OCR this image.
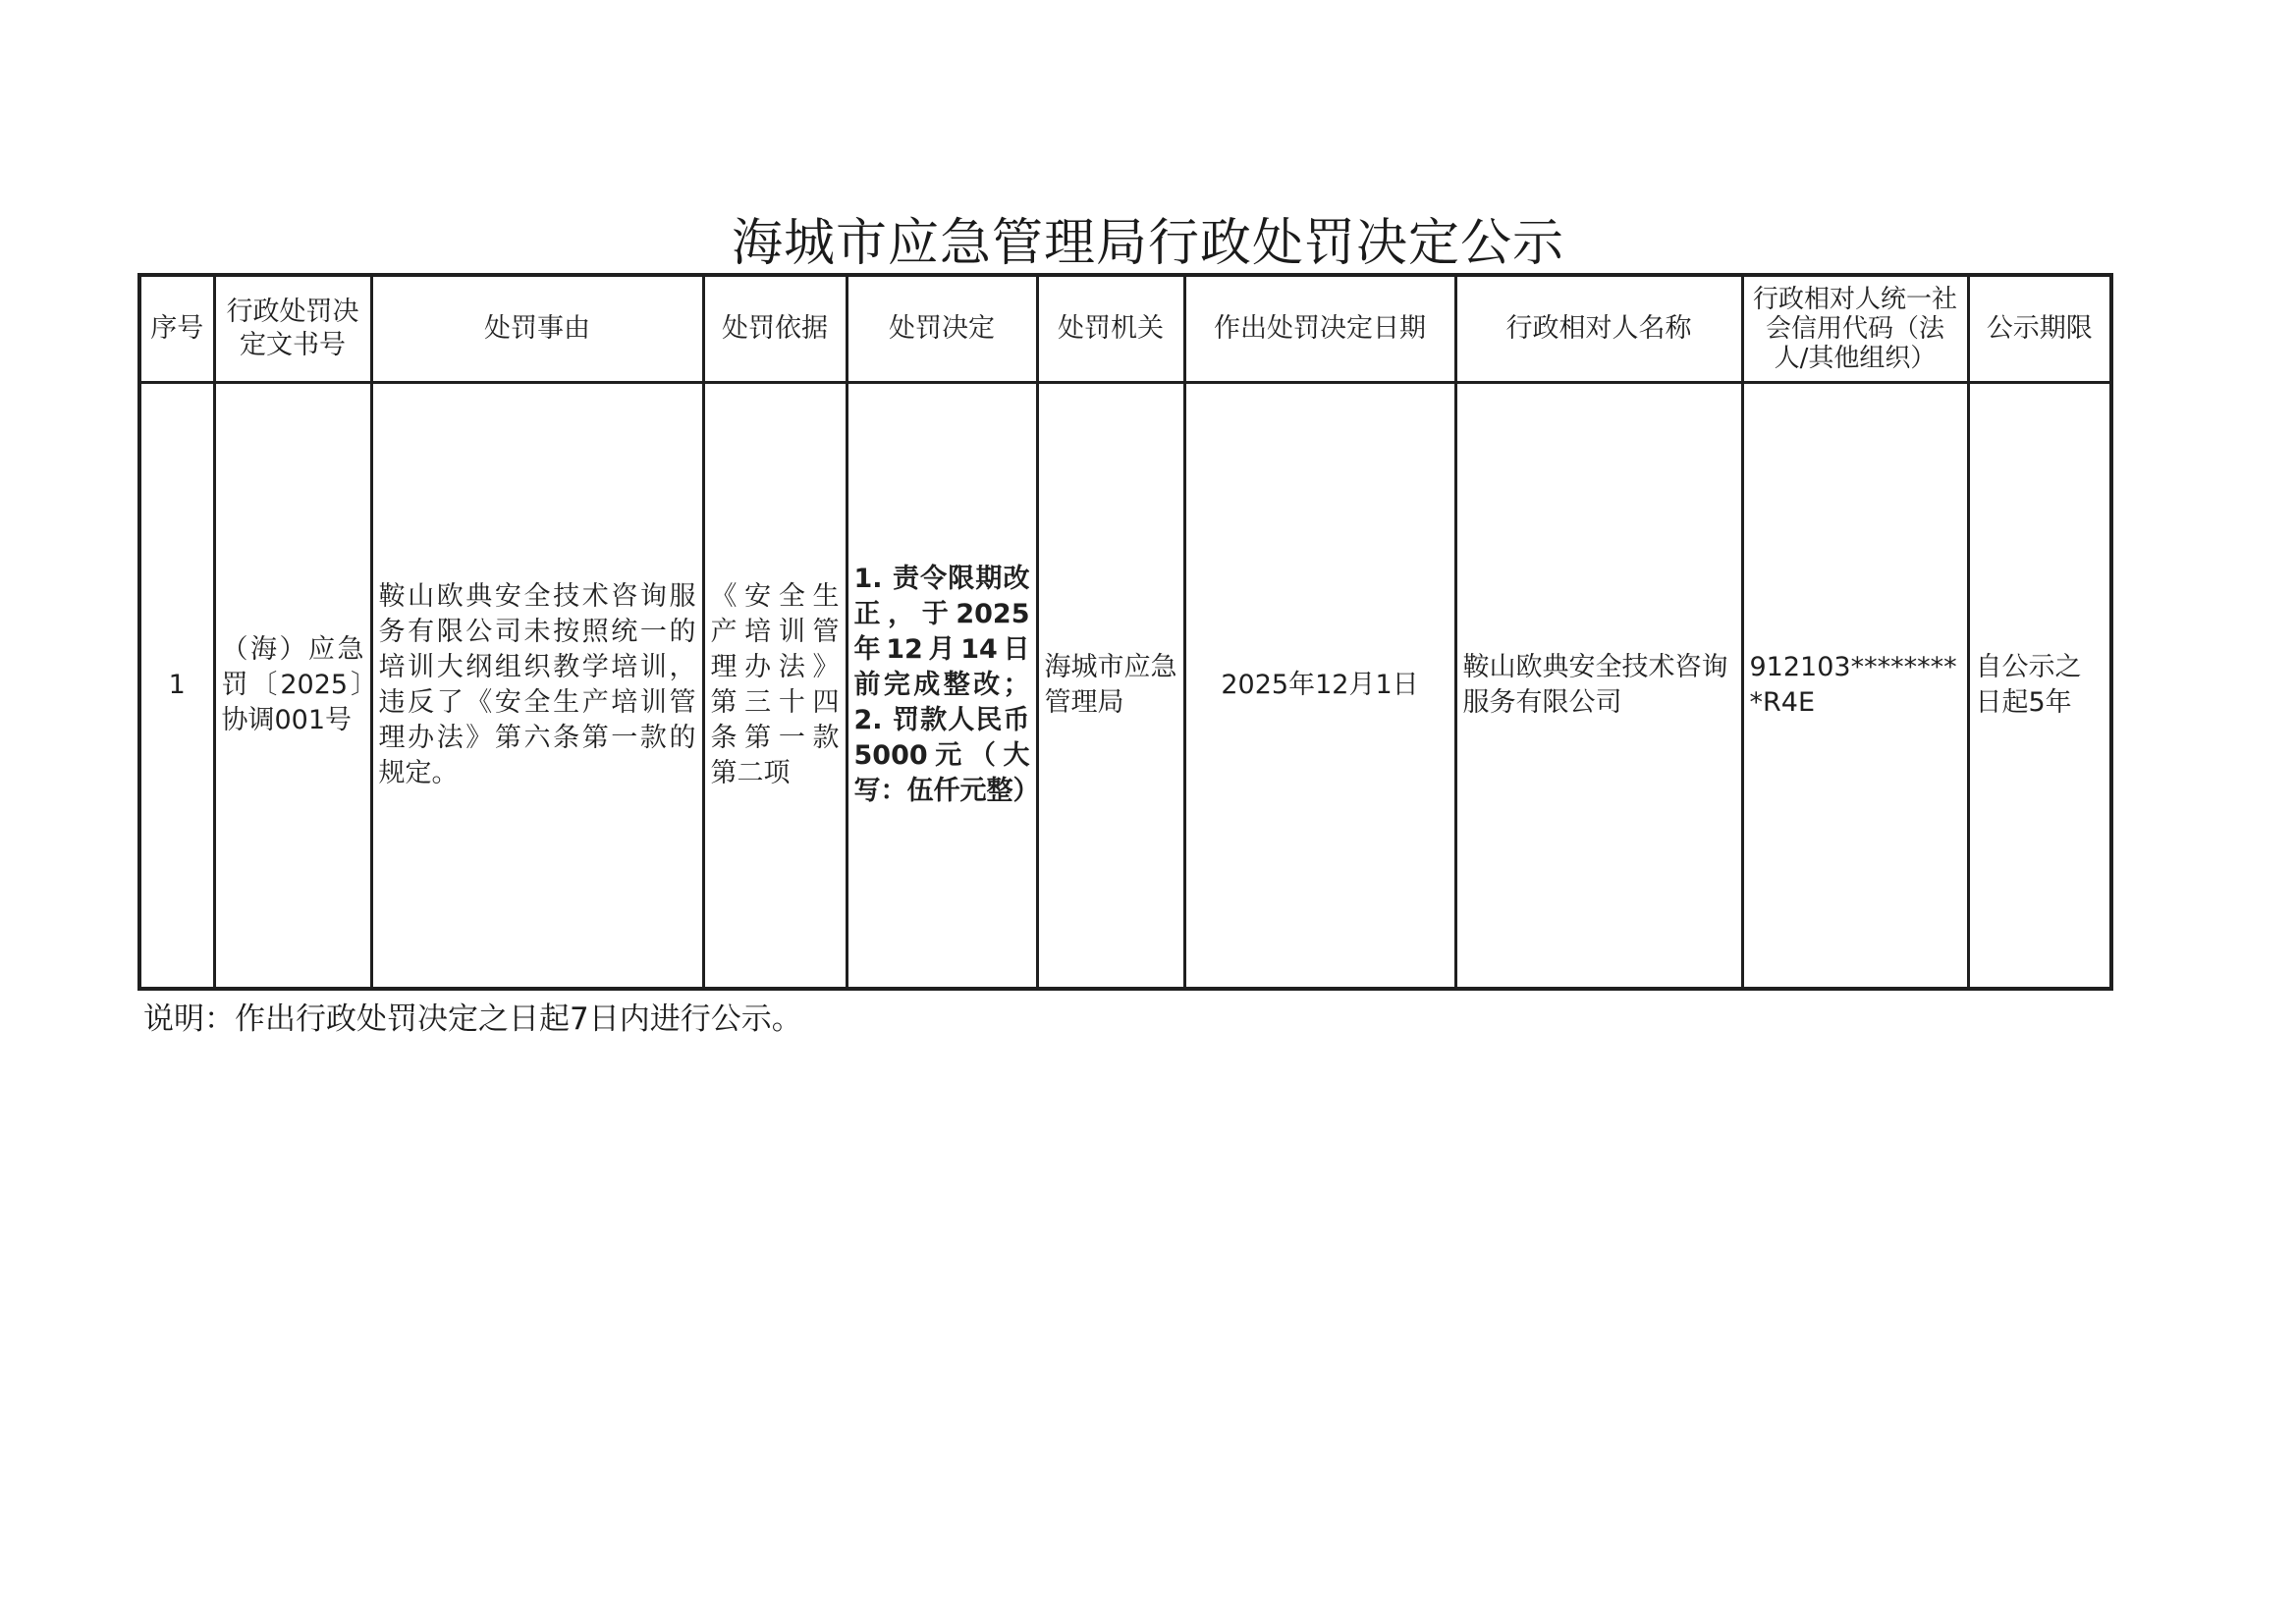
海城市应急管理局行政处罚决定公示
序号	行政处罚决定文书号	处罚事由	处罚依据	处罚决定	处罚机关	作出处罚决定日期	行政相对人名称	行政相对人统一社会信用代码（法人/其他组织）	公示期限
1	（海）应急罚〔2025〕协调001号	鞍山欧典安全技术咨询服务有限公司未按照统一的培训大纲组织教学培训，违反了《安全生产培训管理办法》第六条第一款的规定。	《安全生产培训管理办法》第三十四条第一款第二项	1. 责令限期改正，于2025年12月14日前完成整改；2. 罚款人民币5000元（大写：伍仟元整）	海城市应急管理局	2025年12月1日	鞍山欧典安全技术咨询服务有限公司	912103*********R4E	自公示之日起5年
说明：作出行政处罚决定之日起7日内进行公示。
